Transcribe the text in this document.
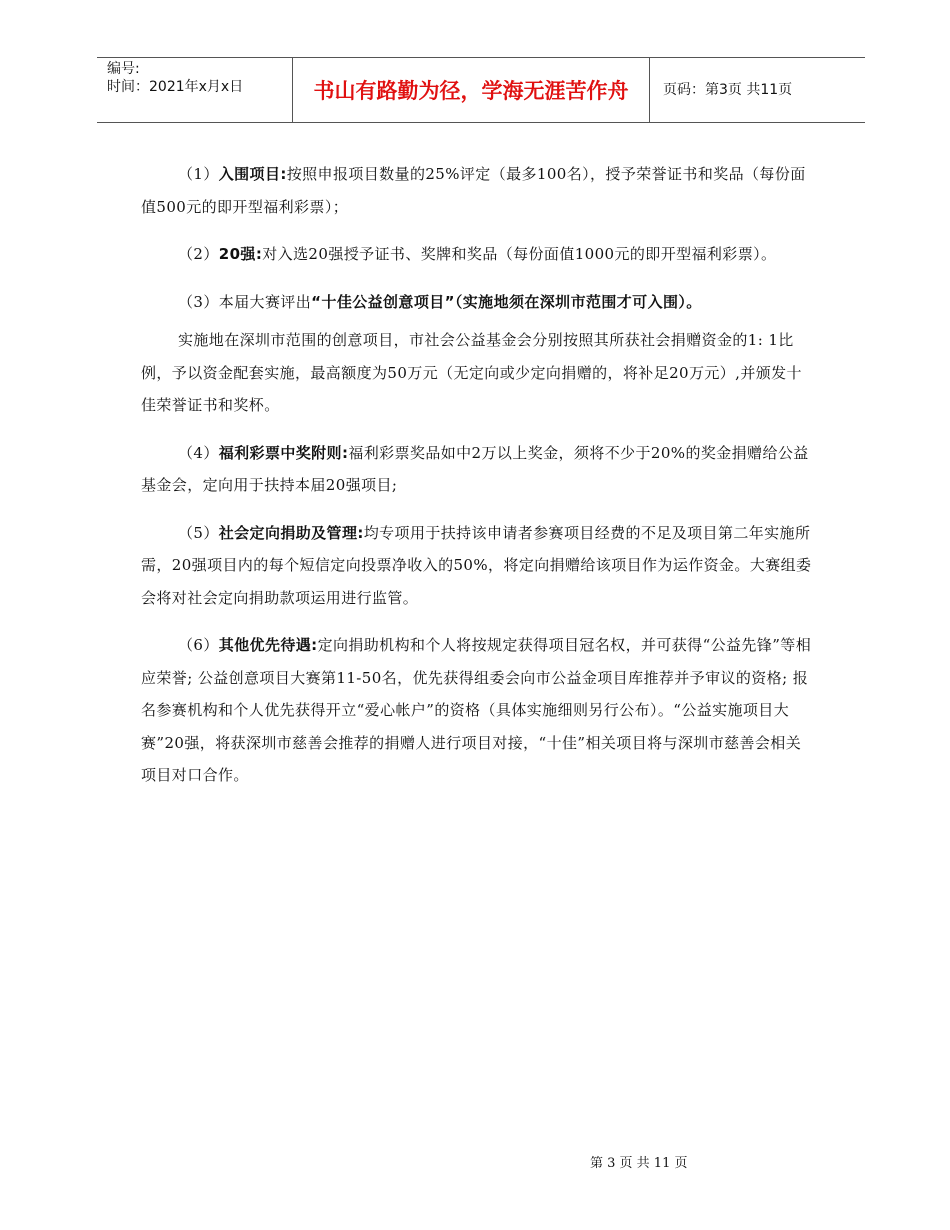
编号:
时间：2021年x月x日	书山有路勤为径，学海无涯苦作舟	页码：第3页 共11页

（1）入围项目:按照申报项目数量的25%评定（最多100名），授予荣誉证书和奖品（每份面值500元的即开型福利彩票）；

（2）20强:对入选20强授予证书、奖牌和奖品（每份面值1000元的即开型福利彩票）。

（3）本届大赛评出“十佳公益创意项目”（实施地须在深圳市范围才可入围）。

实施地在深圳市范围的创意项目，市社会公益基金会分别按照其所获社会捐赠资金的1: 1比例，予以资金配套实施，最高额度为50万元（无定向或少定向捐赠的，将补足20万元）,并颁发十佳荣誉证书和奖杯。

（4）福利彩票中奖附则:福利彩票奖品如中2万以上奖金，须将不少于20%的奖金捐赠给公益基金会，定向用于扶持本届20强项目;

（5）社会定向捐助及管理:均专项用于扶持该申请者参赛项目经费的不足及项目第二年实施所需，20强项目内的每个短信定向投票净收入的50%，将定向捐赠给该项目作为运作资金。大赛组委会将对社会定向捐助款项运用进行监管。

（6）其他优先待遇:定向捐助机构和个人将按规定获得项目冠名权，并可获得“公益先锋”等相应荣誉; 公益创意项目大赛第11-50名，优先获得组委会向市公益金项目库推荐并予审议的资格; 报名参赛机构和个人优先获得开立“爱心帐户”的资格（具体实施细则另行公布）。“公益实施项目大赛”20强，将获深圳市慈善会推荐的捐赠人进行项目对接，“十佳”相关项目将与深圳市慈善会相关项目对口合作。

第 3 页 共 11 页
